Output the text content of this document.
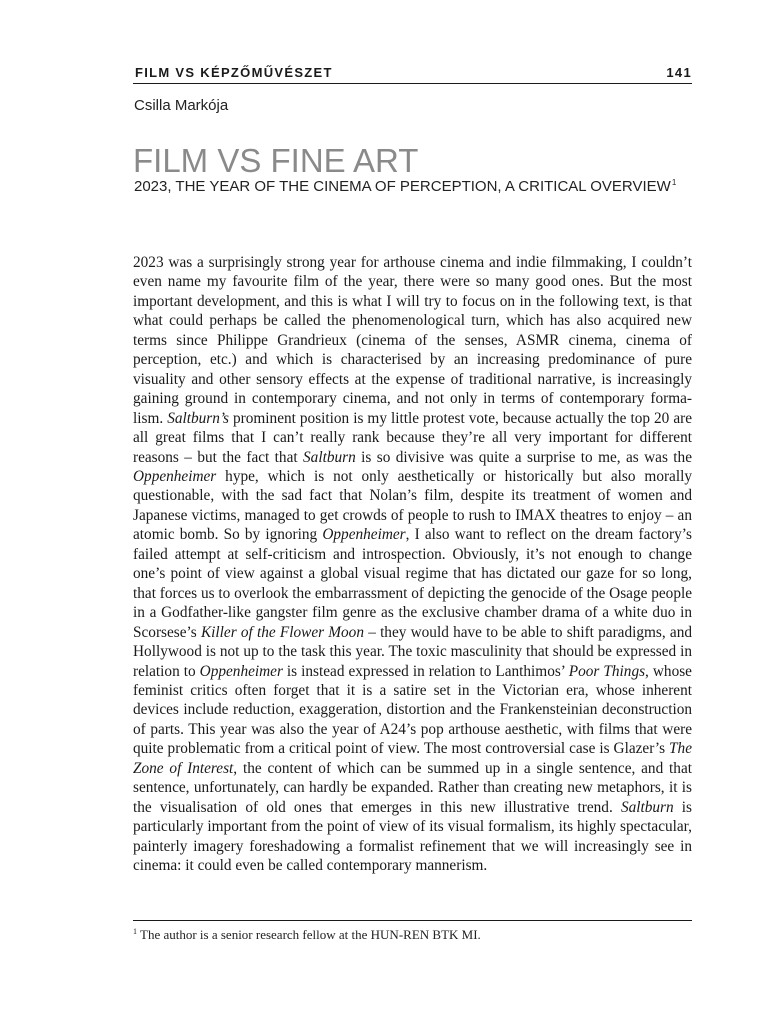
FILM VS KÉPZŐMŰVÉSZET	141
Csilla Markója
FILM VS FINE ART
2023, THE YEAR OF THE CINEMA OF PERCEPTION, A CRITICAL OVERVIEW$^1$

2023 was a surprisingly strong year for arthouse cinema and indie filmmaking, I couldn’t even name my favourite film of the year, there were so many good ones. But the most important development, and this is what I will try to focus on in the following text, is that what could perhaps be called the phenomenological turn, which has also acquired new terms since Philippe Grandrieux (cinema of the senses, ASMR cinema, cinema of perception, etc.) and which is characterised by an increasing predominance of pure visuality and other sensory effects at the expense of traditional narrative, is increasingly gaining ground in contemporary cinema, and not only in terms of contemporary formalism. Saltburn’s prominent position is my little protest vote, because actually the top 20 are all great films that I can’t really rank because they’re all very important for different reasons – but the fact that Saltburn is so divisive was quite a surprise to me, as was the Oppenheimer hype, which is not only aesthetically or historically but also morally questionable, with the sad fact that Nolan’s film, despite its treatment of women and Japanese victims, managed to get crowds of people to rush to IMAX theatres to enjoy – an atomic bomb. So by ignoring Oppenheimer, I also want to reflect on the dream factory’s failed attempt at self-criticism and introspection. Obviously, it’s not enough to change one’s point of view against a global visual regime that has dictated our gaze for so long, that forces us to overlook the embarrassment of depicting the genocide of the Osage people in a Godfather-like gangster film genre as the exclusive chamber drama of a white duo in Scorsese’s Killer of the Flower Moon – they would have to be able to shift paradigms, and Hollywood is not up to the task this year. The toxic masculinity that should be expressed in relation to Oppenheimer is instead expressed in relation to Lanthimos’ Poor Things, whose feminist critics often forget that it is a satire set in the Victorian era, whose inherent devices include reduction, exaggeration, distortion and the Frankensteinian deconstruction of parts. This year was also the year of A24’s pop arthouse aesthetic, with films that were quite problematic from a critical point of view. The most controversial case is Glazer’s The Zone of Interest, the content of which can be summed up in a single sentence, and that sentence, unfortunately, can hardly be expanded. Rather than creating new metaphors, it is the visualisation of old ones that emerges in this new illustrative trend. Saltburn is particularly important from the point of view of its visual formalism, its highly spectacular, painterly imagery foreshadowing a formalist refinement that we will increasingly see in cinema: it could even be called contemporary mannerism.

$^1$ The author is a senior research fellow at the HUN-REN BTK MI.
